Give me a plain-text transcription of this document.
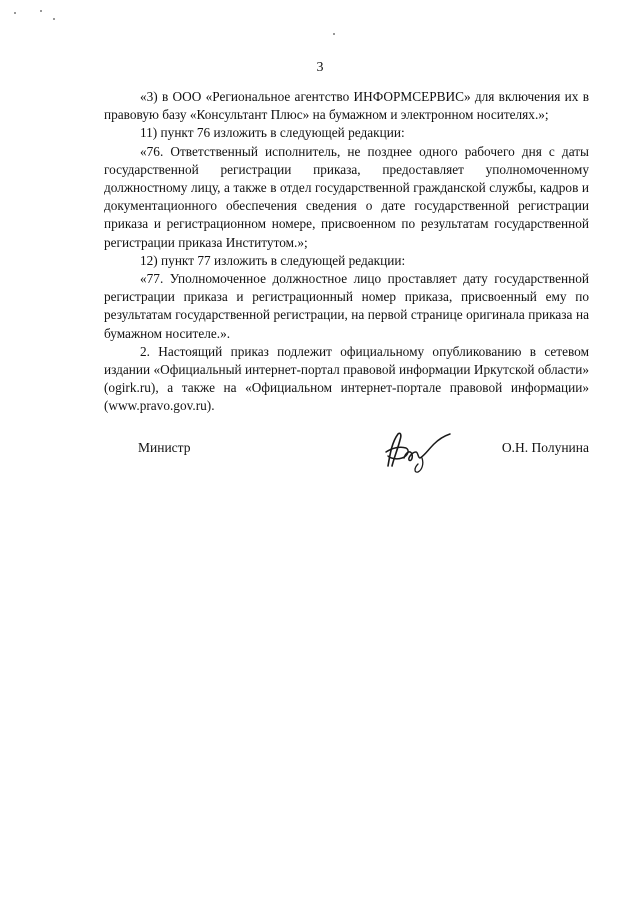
3

«3) в ООО «Региональное агентство ИНФОРМСЕРВИС» для включения их в правовую базу «Консультант Плюс» на бумажном и электронном носителях.»;

11) пункт 76 изложить в следующей редакции:

«76. Ответственный исполнитель, не позднее одного рабочего дня с даты государственной регистрации приказа, предоставляет уполномоченному должностному лицу, а также в отдел государственной гражданской службы, кадров и документационного обеспечения сведения о дате государственной регистрации приказа и регистрационном номере, присвоенном по результатам государственной регистрации приказа Институтом.»;

12) пункт 77 изложить в следующей редакции:

«77. Уполномоченное должностное лицо проставляет дату государственной регистрации приказа и регистрационный номер приказа, присвоенный ему по результатам государственной регистрации, на первой странице оригинала приказа на бумажном носителе.».

2. Настоящий приказ подлежит официальному опубликованию в сетевом издании «Официальный интернет-портал правовой информации Иркутской области» (ogirk.ru), а также на «Официальном интернет-портале правовой информации» (www.pravo.gov.ru).

Министр	О.Н. Полунина
